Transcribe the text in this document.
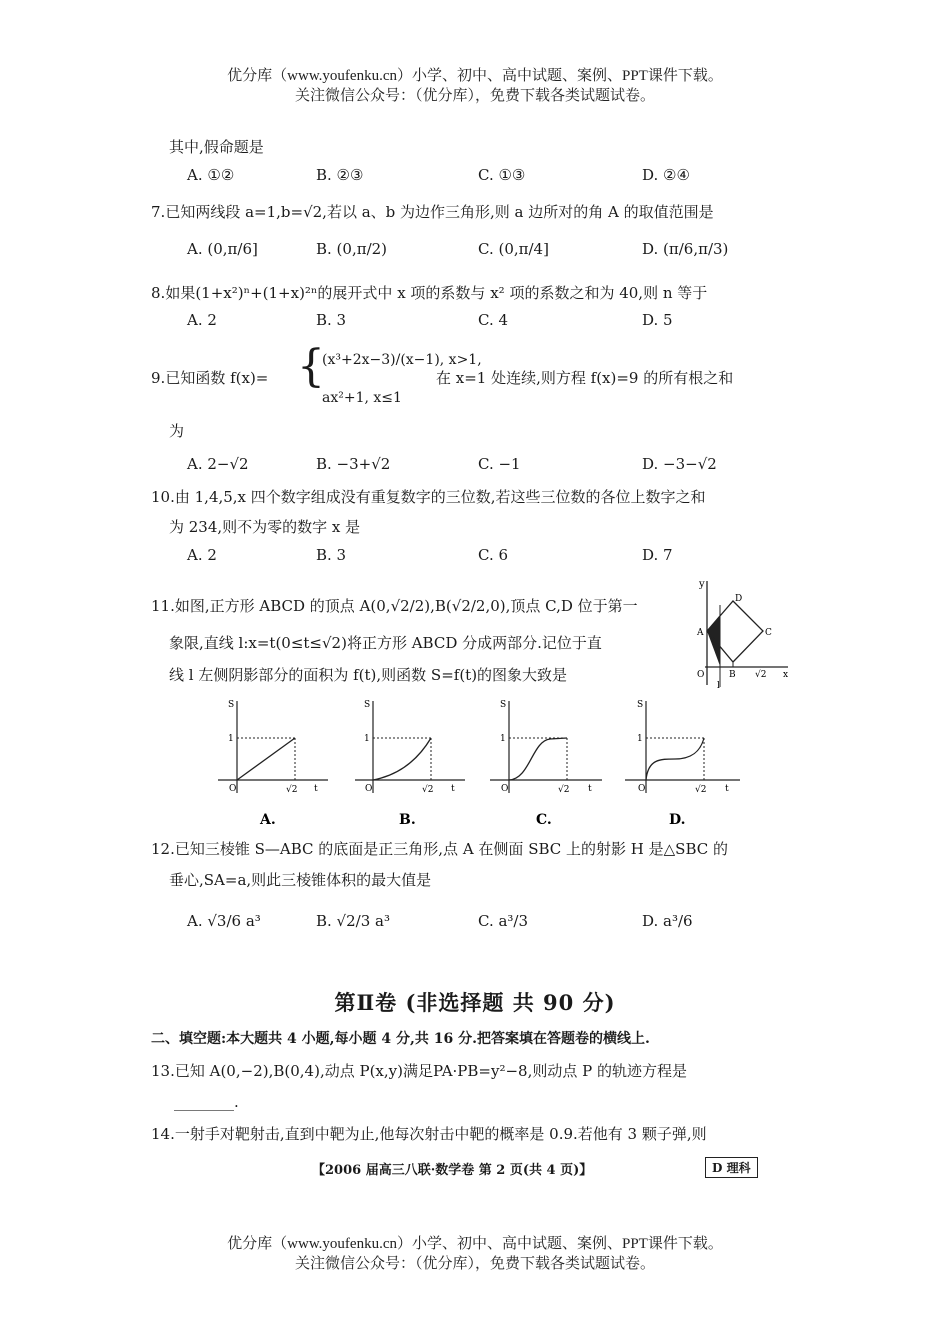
优分库（www.youfenku.cn）小学、初中、高中试题、案例、PPT课件下载。
关注微信公众号：（优分库），免费下载各类试题试卷。
其中,假命题是
A. ①②	B. ②③	C. ①③	D. ②④
7.已知两线段 a=1,b=√2,若以 a、b 为边作三角形,则 a 边所对的角 A 的取值范围是
A. (0,π/6]	B. (0,π/2)	C. (0,π/4]	D. (π/6,π/3)
8.如果(1+x²)ⁿ+(1+x)²ⁿ的展开式中 x 项的系数与 x² 项的系数之和为 40,则 n 等于
A. 2	B. 3	C. 4	D. 5
9.已知函数 f(x)= {
(x³+2x−3)/(x−1), x>1,
ax²+1, x≤1
在 x=1 处连续,则方程 f(x)=9 的所有根之和
为
A. 2−√2	B. −3+√2	C. −1	D. −3−√2
10.由 1,4,5,x 四个数字组成没有重复数字的三位数,若这些三位数的各位上数字之和
为 234,则不为零的数字 x 是
A. 2	B. 3	C. 6	D. 7
11.如图,正方形 ABCD 的顶点 A(0,√2/2),B(√2/2,0),顶点 C,D 位于第一
象限,直线 l:x=t(0≤t≤√2)将正方形 ABCD 分成两部分.记位于直
线 l 左侧阴影部分的面积为 f(t),则函数 S=f(t)的图象大致是
y
D
A	C
O	B √2 x
l
S
1
O	√2 t
A.
S
1
O	√2 t
B.
S
1
O	√2 t
C.
S
1
O	√2 t
D.
12.已知三棱锥 S—ABC 的底面是正三角形,点 A 在侧面 SBC 上的射影 H 是△SBC 的
垂心,SA=a,则此三棱锥体积的最大值是
A. √3/6 a³	B. √2/3 a³	C. a³/3	D. a³/6
第Ⅱ卷 (非选择题 共 90 分)
二、填空题:本大题共 4 小题,每小题 4 分,共 16 分.把答案填在答题卷的横线上.
13.已知 A(0,−2),B(0,4),动点 P(x,y)满足PA·PB=y²−8,则动点 P 的轨迹方程是
________.
14.一射手对靶射击,直到中靶为止,他每次射击中靶的概率是 0.9.若他有 3 颗子弹,则
【2006 届高三八联·数学卷 第 2 页(共 4 页)】	D 理科
优分库（www.youfenku.cn）小学、初中、高中试题、案例、PPT课件下载。
关注微信公众号：（优分库），免费下载各类试题试卷。
